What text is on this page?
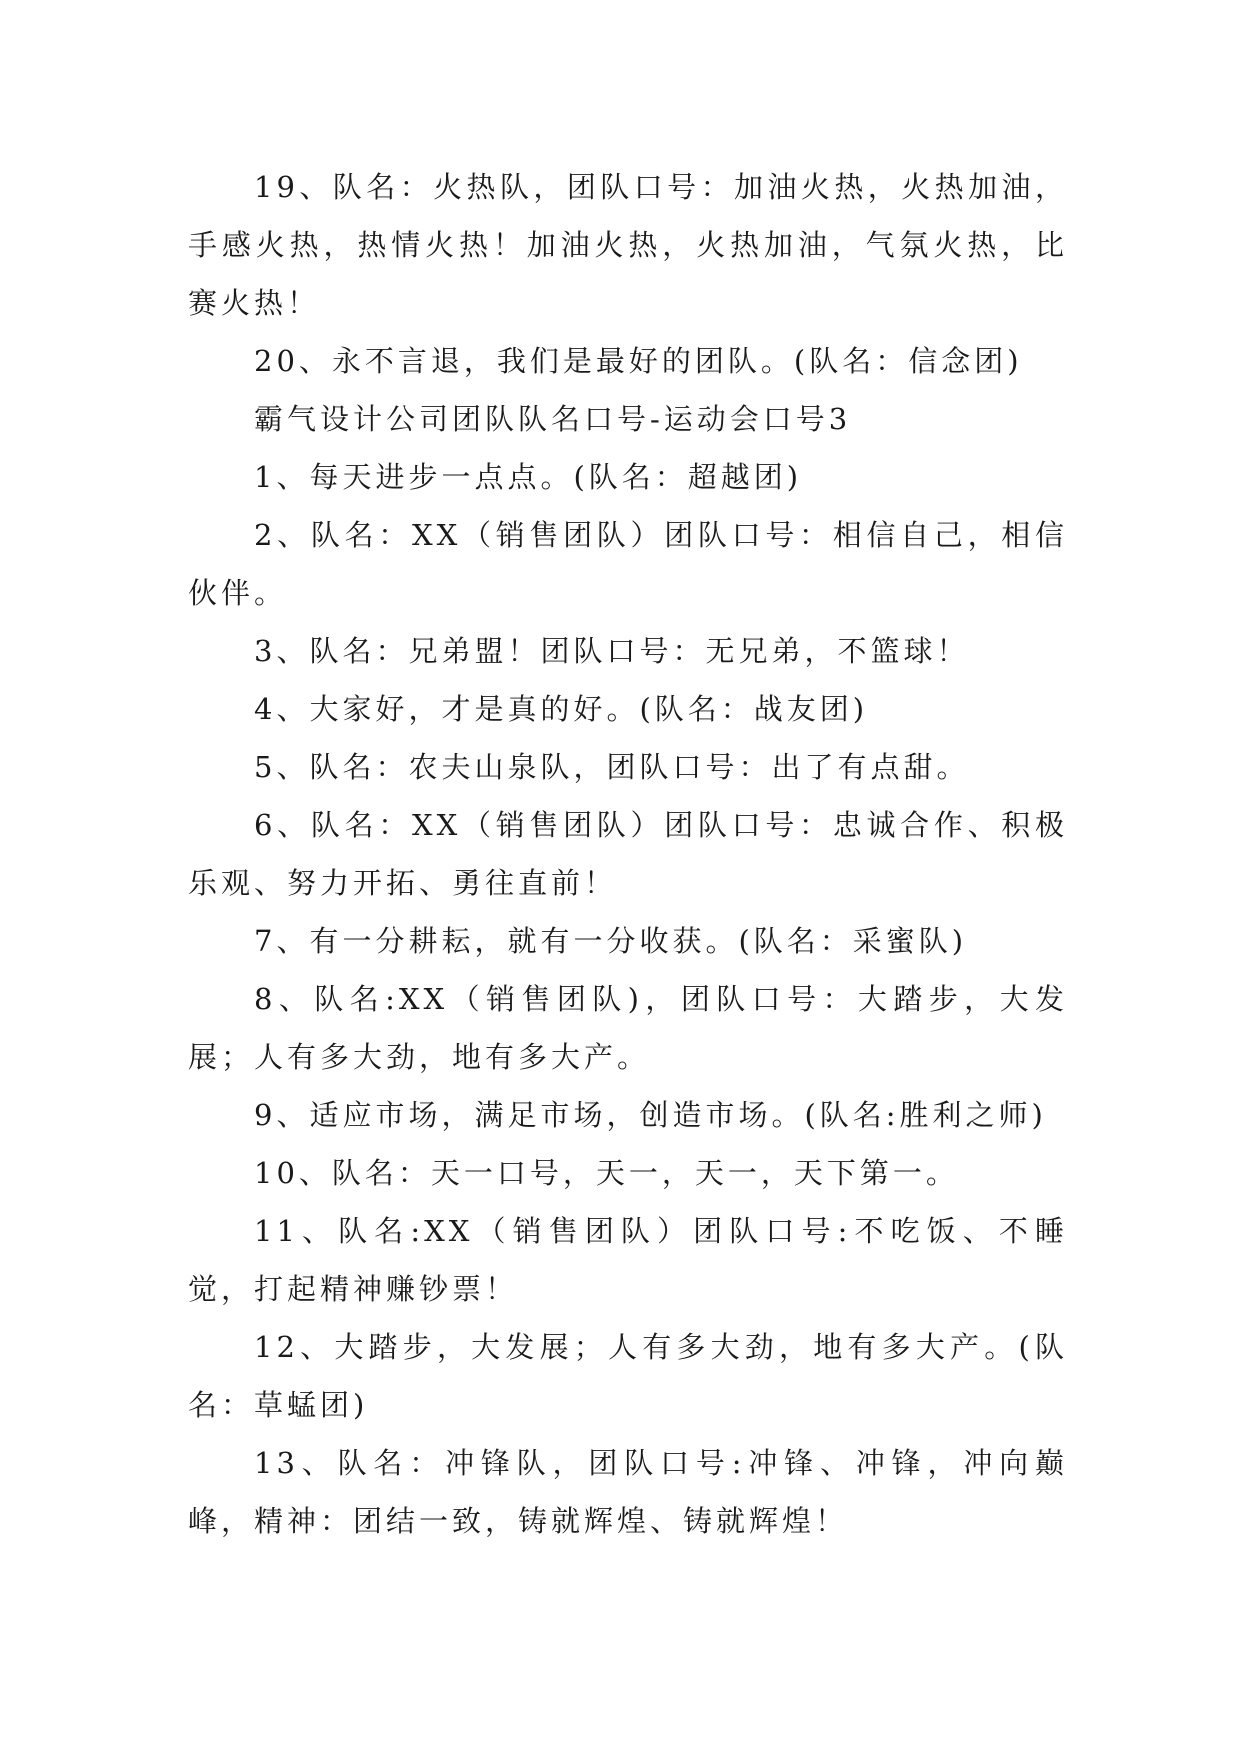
19、队名：火热队，团队口号：加油火热，火热加油，手感火热，热情火热！加油火热，火热加油，气氛火热，比赛火热！

20、永不言退，我们是最好的团队。(队名：信念团)

霸气设计公司团队队名口号-运动会口号3

1、每天进步一点点。(队名：超越团)

2、队名：XX（销售团队）团队口号：相信自己，相信伙伴。

3、队名：兄弟盟！团队口号：无兄弟，不篮球！

4、大家好，才是真的好。(队名：战友团)

5、队名：农夫山泉队，团队口号：出了有点甜。

6、队名：XX（销售团队）团队口号：忠诚合作、积极乐观、努力开拓、勇往直前！

7、有一分耕耘，就有一分收获。(队名：采蜜队)

8、队名:XX（销售团队)，团队口号：大踏步，大发展；人有多大劲，地有多大产。

9、适应市场，满足市场，创造市场。(队名:胜利之师)

10、队名：天一口号，天一，天一，天下第一。

11、队名:XX（销售团队）团队口号:不吃饭、不睡觉，打起精神赚钞票！

12、大踏步，大发展；人有多大劲，地有多大产。(队名：草蜢团)

13、队名：冲锋队，团队口号:冲锋、冲锋，冲向巅峰，精神：团结一致，铸就辉煌、铸就辉煌！
